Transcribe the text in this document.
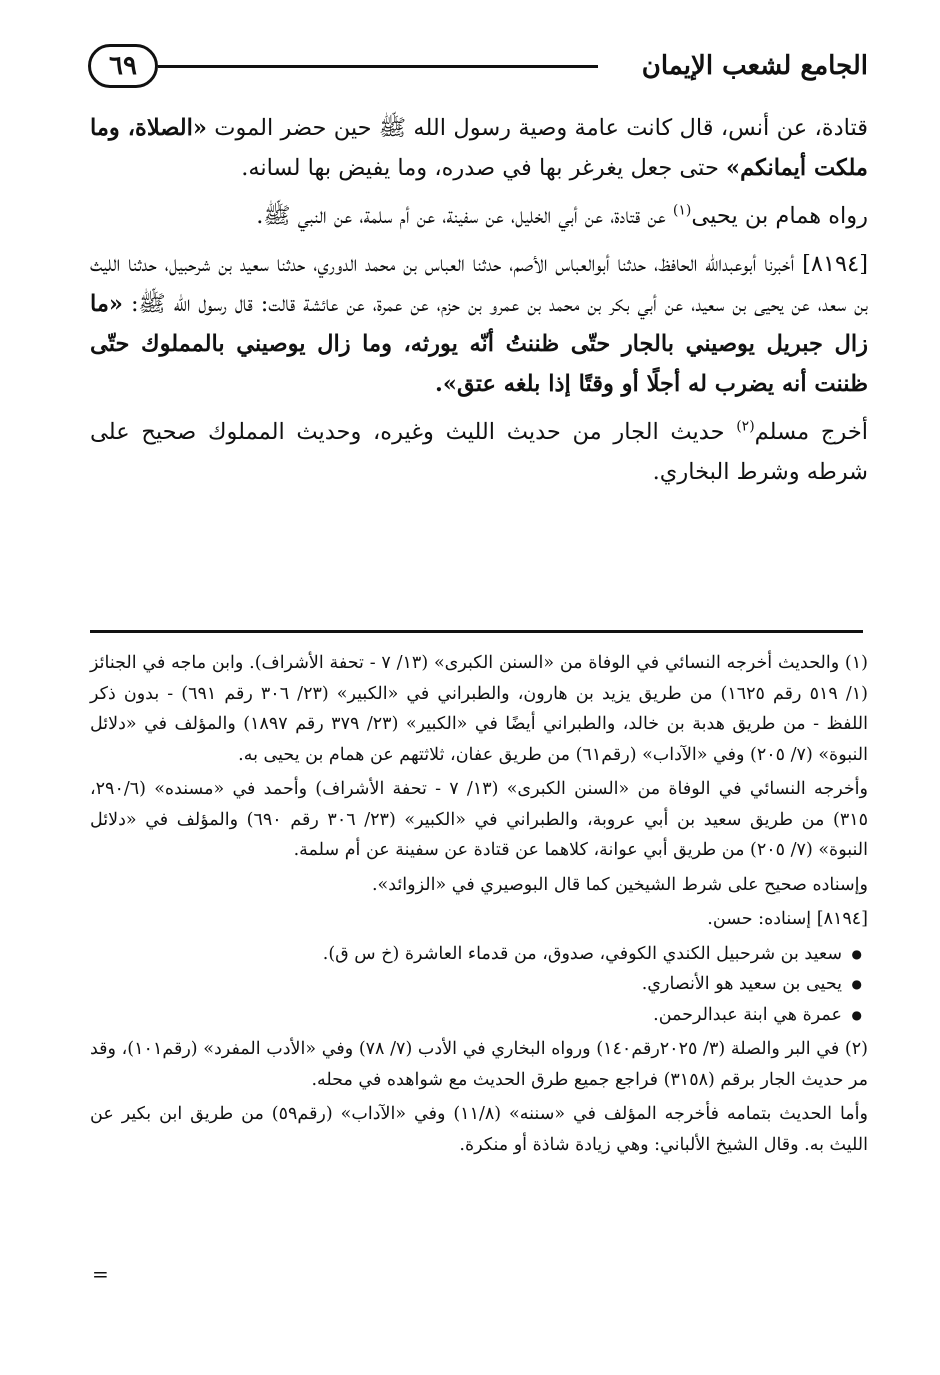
٦٩	الجامع لشعب الإيمان

قتادة، عن أنس، قال كانت عامة وصية رسول الله ﷺ حين حضر الموت «الصلاة، وما ملكت أيمانكم» حتى جعل يغرغر بها في صدره، وما يفيض بها لسانه.

رواه همام بن يحيى$^{(١)}$ عن قتادة، عن أبي الخليل، عن سفينة، عن أم سلمة، عن النبي ﷺ.

[٨١٩٤] أخبرنا أبوعبدالله الحافظ، حدثنا أبوالعباس الأصم، حدثنا العباس بن محمد الدوري، حدثنا سعيد بن شرحبيل، حدثنا الليث بن سعد، عن يحيى بن سعيد، عن أبي بكر بن محمد بن عمرو بن حزم، عن عمرة، عن عائشة قالت: قال رسول الله ﷺ: «ما زال جبريل يوصيني بالجار حتّى ظننتُ أنّه يورثه، وما زال يوصيني بالمملوك حتّى ظننت أنه يضرب له أجلًا أو وقتًا إذا بلغه عتق».

أخرج مسلم$^{(٢)}$ حديث الجار من حديث الليث وغيره، وحديث المملوك صحيح على شرطه وشرط البخاري.

(١) والحديث أخرجه النسائي في الوفاة من «السنن الكبرى» (١٣/ ٧ - تحفة الأشراف). وابن ماجه في الجنائز (١/ ٥١٩ رقم ١٦٢٥) من طريق يزيد بن هارون، والطبراني في «الكبير» (٢٣/ ٣٠٦ رقم ٦٩١) - بدون ذكر اللفظ - من طريق هدبة بن خالد، والطبراني أيضًا في «الكبير» (٢٣/ ٣٧٩ رقم ١٨٩٧) والمؤلف في «دلائل النبوة» (٧/ ٢٠٥) وفي «الآداب» (رقم٦١) من طريق عفان، ثلاثتهم عن همام بن يحيى به.

وأخرجه النسائي في الوفاة من «السنن الكبرى» (١٣/ ٧ - تحفة الأشراف) وأحمد في «مسنده» (٢٩٠/٦، ٣١٥) من طريق سعيد بن أبي عروبة، والطبراني في «الكبير» (٢٣/ ٣٠٦ رقم ٦٩٠) والمؤلف في «دلائل النبوة» (٧/ ٢٠٥) من طريق أبي عوانة، كلاهما عن قتادة عن سفينة عن أم سلمة.

وإسناده صحيح على شرط الشيخين كما قال البوصيري في «الزوائد».

[٨١٩٤] إسناده: حسن.

● سعيد بن شرحبيل الكندي الكوفي، صدوق، من قدماء العاشرة (خ س ق).
● يحيى بن سعيد هو الأنصاري.
● عمرة هي ابنة عبدالرحمن.

(٢) في البر والصلة (٣/ ٢٠٢٥رقم١٤٠) ورواه البخاري في الأدب (٧/ ٧٨) وفي «الأدب المفرد» (رقم١٠١)، وقد مر حديث الجار برقم (٣١٥٨) فراجع جميع طرق الحديث مع شواهده في محله.

وأما الحديث بتمامه فأخرجه المؤلف في «سننه» (١١/٨) وفي «الآداب» (رقم٥٩) من طريق ابن بكير عن الليث به. وقال الشيخ الألباني: وهي زيادة شاذة أو منكرة.

=
